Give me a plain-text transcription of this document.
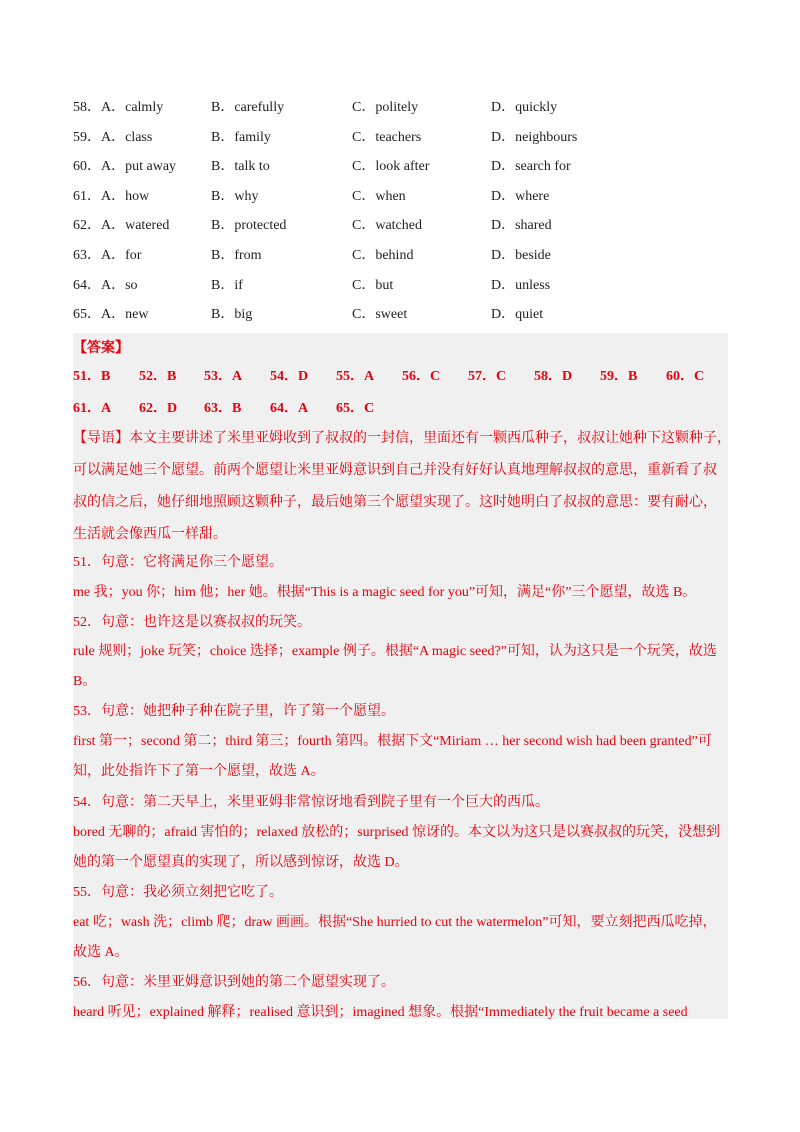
58．A．calmly	B．carefully	C．politely	D．quickly
59．A．class	B．family	C．teachers	D．neighbours
60．A．put away B．talk to	C．look after	D．search for
61．A．how	B．why	C．when	D．where
62．A．watered	B．protected	C．watched	D．shared
63．A．for	B．from	C．behind	D．beside
64．A．so	B．if	C．but	D．unless
65．A．new	B．big	C．sweet	D．quiet
【答案】
51．B 52．B 53．A 54．D 55．A 56．C 57．C 58．D 59．B 60．C
61．A 62．D 63．B 64．A 65．C
【导语】本文主要讲述了米里亚姆收到了叔叔的一封信，里面还有一颗西瓜种子，叔叔让她种下这颗种子，
可以满足她三个愿望。前两个愿望让米里亚姆意识到自己并没有好好认真地理解叔叔的意思，重新看了叔
叔的信之后，她仔细地照顾这颗种子，最后她第三个愿望实现了。这时她明白了叔叔的意思：要有耐心，
生活就会像西瓜一样甜。
51．句意：它将满足你三个愿望。
me 我；you 你；him 他；her 她。根据“This is a magic seed for you”可知，满足“你”三个愿望，故选 B。
52．句意：也许这是以赛叔叔的玩笑。
rule 规则；joke 玩笑；choice 选择；example 例子。根据“A magic seed?”可知，认为这只是一个玩笑，故选
B。
53．句意：她把种子种在院子里，许了第一个愿望。
first 第一；second 第二；third 第三；fourth 第四。根据下文“Miriam … her second wish had been granted”可
知，此处指许下了第一个愿望，故选 A。
54．句意：第二天早上，米里亚姆非常惊讶地看到院子里有一个巨大的西瓜。
bored 无聊的；afraid 害怕的；relaxed 放松的；surprised 惊讶的。本文以为这只是以赛叔叔的玩笑，没想到
她的第一个愿望真的实现了，所以感到惊讶，故选 D。
55．句意：我必须立刻把它吃了。
eat 吃；wash 洗；climb 爬；draw 画画。根据“She hurried to cut the watermelon”可知，要立刻把西瓜吃掉，
故选 A。
56．句意：米里亚姆意识到她的第二个愿望实现了。
heard 听见；explained 解释；realised 意识到；imagined 想象。根据“Immediately the fruit became a seed
